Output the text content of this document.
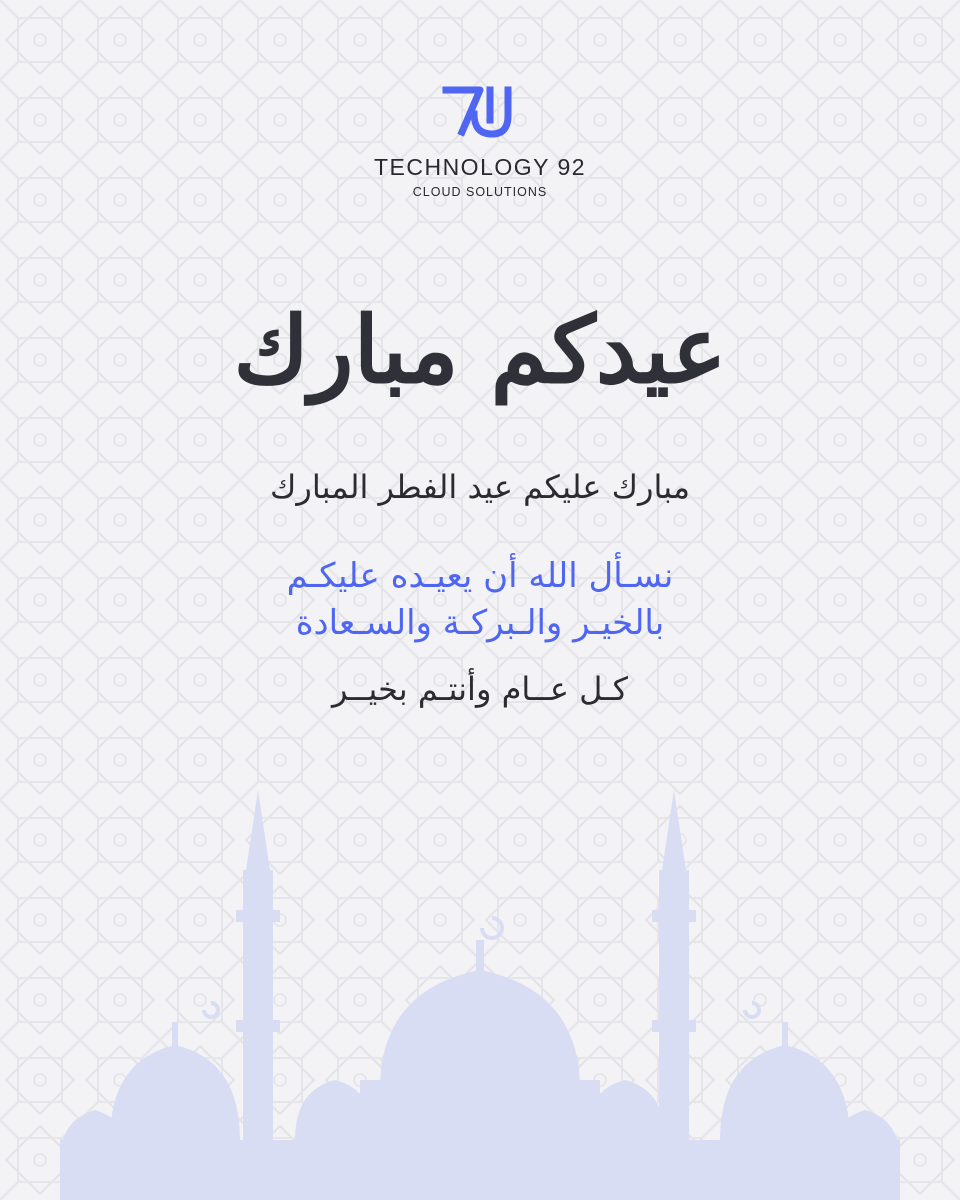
TECHNOLOGY 92
CLOUD SOLUTIONS
عيدكم مبارك
مبارك عليكم عيد الفطر المبارك
نسـأل الله أن يعيـده عليكـم
بالخيـر والـبركـة والسـعادة
كـل عــام وأنتـم بخيــر
